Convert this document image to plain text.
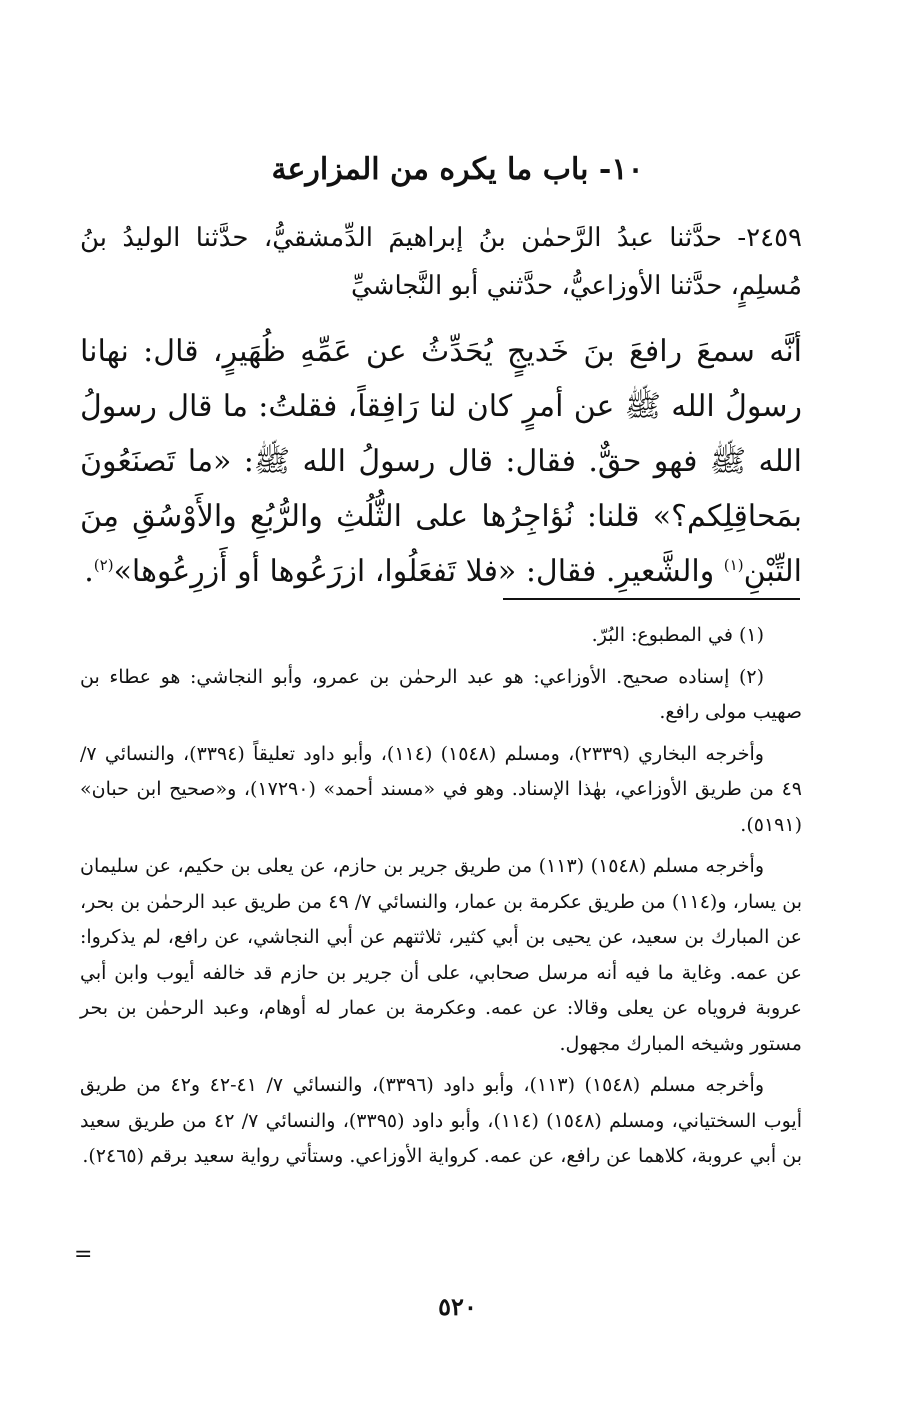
١٠- باب ما يكره من المزارعة

٢٤٥٩- حدَّثنا عبدُ الرَّحمٰن بنُ إبراهيمَ الدِّمشقيُّ، حدَّثنا الوليدُ بنُ مُسلِمٍ، حدَّثنا الأوزاعيُّ، حدَّثني أبو النَّجاشيِّ

أنَّه سمعَ رافعَ بنَ خَديجٍ يُحَدِّثُ عن عَمِّهِ ظُهَيرٍ، قال: نهانا رسولُ الله ﷺ عن أمرٍ كان لنا رَافِقاً، فقلتُ: ما قال رسولُ الله ﷺ فهو حقٌّ. فقال: قال رسولُ الله ﷺ: «ما تَصنَعُونَ بمَحاقِلِكم؟» قلنا: نُؤاجِرُها على الثُّلُثِ والرُّبُعِ والأَوْسُقِ مِنَ التِّبْنِ$^{(١)}$ والشَّعيرِ. فقال: «فلا تَفعَلُوا، ازرَعُوها أو أَزرِعُوها»$^{(٢)}$.

(١) في المطبوع: البُرّ.

(٢) إسناده صحيح. الأوزاعي: هو عبد الرحمٰن بن عمرو، وأبو النجاشي: هو عطاء بن صهيب مولى رافع.

وأخرجه البخاري (٢٣٣٩)، ومسلم (١٥٤٨) (١١٤)، وأبو داود تعليقاً (٣٣٩٤)، والنسائي ٧/ ٤٩ من طريق الأوزاعي، بهٰذا الإسناد. وهو في «مسند أحمد» (١٧٢٩٠)، و«صحيح ابن حبان» (٥١٩١).

وأخرجه مسلم (١٥٤٨) (١١٣) من طريق جرير بن حازم، عن يعلى بن حكيم، عن سليمان بن يسار، و(١١٤) من طريق عكرمة بن عمار، والنسائي ٧/ ٤٩ من طريق عبد الرحمٰن بن بحر، عن المبارك بن سعيد، عن يحيى بن أبي كثير، ثلاثتهم عن أبي النجاشي، عن رافع، لم يذكروا: عن عمه. وغاية ما فيه أنه مرسل صحابي، على أن جرير بن حازم قد خالفه أيوب وابن أبي عروبة فروياه عن يعلى وقالا: عن عمه. وعكرمة بن عمار له أوهام، وعبد الرحمٰن بن بحر مستور وشيخه المبارك مجهول.

وأخرجه مسلم (١٥٤٨) (١١٣)، وأبو داود (٣٣٩٦)، والنسائي ٧/ ٤١-٤٢ و٤٢ من طريق أيوب السختياني، ومسلم (١٥٤٨) (١١٤)، وأبو داود (٣٣٩٥)، والنسائي ٧/ ٤٢ من طريق سعيد بن أبي عروبة، كلاهما عن رافع، عن عمه. كرواية الأوزاعي. وستأتي رواية سعيد برقم (٢٤٦٥).

=
٥٢٠
